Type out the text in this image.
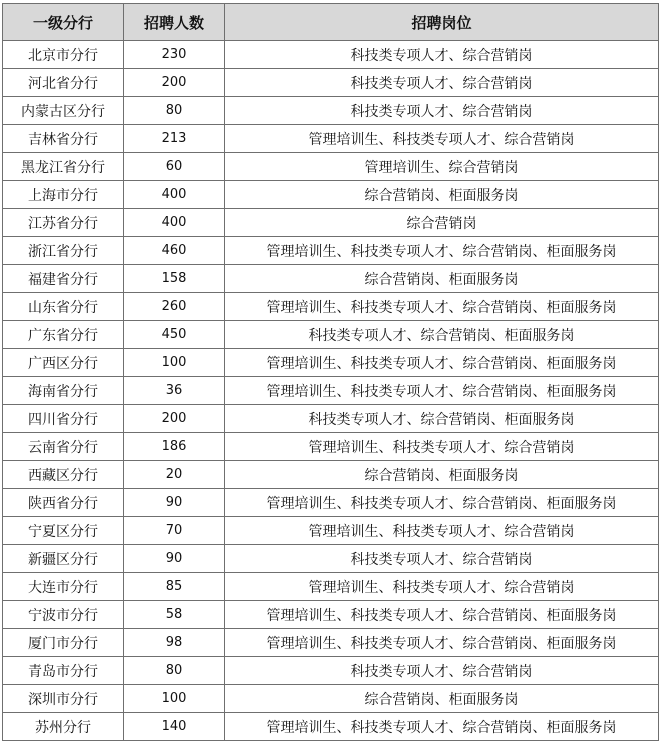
一级分行	招聘人数	招聘岗位
北京市分行	230	科技类专项人才、综合营销岗
河北省分行	200	科技类专项人才、综合营销岗
内蒙古区分行	80	科技类专项人才、综合营销岗
吉林省分行	213	管理培训生、科技类专项人才、综合营销岗
黑龙江省分行	60	管理培训生、综合营销岗
上海市分行	400	综合营销岗、柜面服务岗
江苏省分行	400	综合营销岗
浙江省分行	460	管理培训生、科技类专项人才、综合营销岗、柜面服务岗
福建省分行	158	综合营销岗、柜面服务岗
山东省分行	260	管理培训生、科技类专项人才、综合营销岗、柜面服务岗
广东省分行	450	科技类专项人才、综合营销岗、柜面服务岗
广西区分行	100	管理培训生、科技类专项人才、综合营销岗、柜面服务岗
海南省分行	36	管理培训生、科技类专项人才、综合营销岗、柜面服务岗
四川省分行	200	科技类专项人才、综合营销岗、柜面服务岗
云南省分行	186	管理培训生、科技类专项人才、综合营销岗
西藏区分行	20	综合营销岗、柜面服务岗
陕西省分行	90	管理培训生、科技类专项人才、综合营销岗、柜面服务岗
宁夏区分行	70	管理培训生、科技类专项人才、综合营销岗
新疆区分行	90	科技类专项人才、综合营销岗
大连市分行	85	管理培训生、科技类专项人才、综合营销岗
宁波市分行	58	管理培训生、科技类专项人才、综合营销岗、柜面服务岗
厦门市分行	98	管理培训生、科技类专项人才、综合营销岗、柜面服务岗
青岛市分行	80	科技类专项人才、综合营销岗
深圳市分行	100	综合营销岗、柜面服务岗
苏州分行	140	管理培训生、科技类专项人才、综合营销岗、柜面服务岗
